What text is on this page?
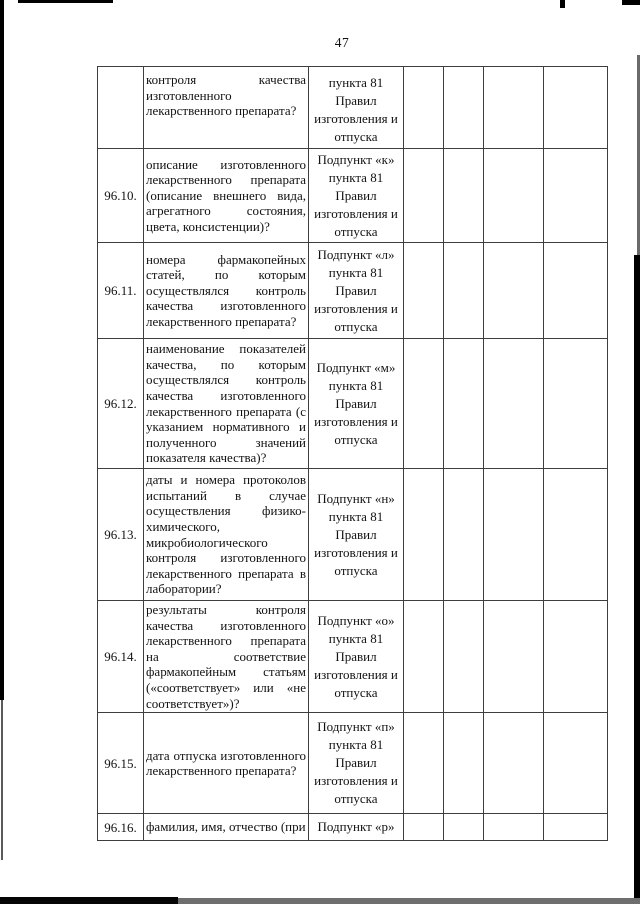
47
	контроля качества изготовленного лекарственного препарата?	пункта 81 Правил изготовления и отпуска				
96.10.	описание изготовленного лекарственного препарата (описание внешнего вида, агрегатного состояния, цвета, консистенции)?	Подпункт «к» пункта 81 Правил изготовления и отпуска				
96.11.	номера фармакопейных статей, по которым осуществлялся контроль качества изготовленного лекарственного препарата?	Подпункт «л» пункта 81 Правил изготовления и отпуска				
96.12.	наименование показателей качества, по которым осуществлялся контроль качества изготовленного лекарственного препарата (с указанием нормативного и полученного значений показателя качества)?	Подпункт «м» пункта 81 Правил изготовления и отпуска				
96.13.	даты и номера протоколов испытаний в случае осуществления физико-химического, микробиологического контроля изготовленного лекарственного препарата в лаборатории?	Подпункт «н» пункта 81 Правил изготовления и отпуска				
96.14.	результаты контроля качества изготовленного лекарственного препарата на соответствие фармакопейным статьям («соответствует» или «не соответствует»)?	Подпункт «о» пункта 81 Правил изготовления и отпуска				
96.15.	дата отпуска изготовленного лекарственного препарата?	Подпункт «п» пункта 81 Правил изготовления и отпуска				
96.16.	фамилия, имя, отчество (при	Подпункт «р»				
